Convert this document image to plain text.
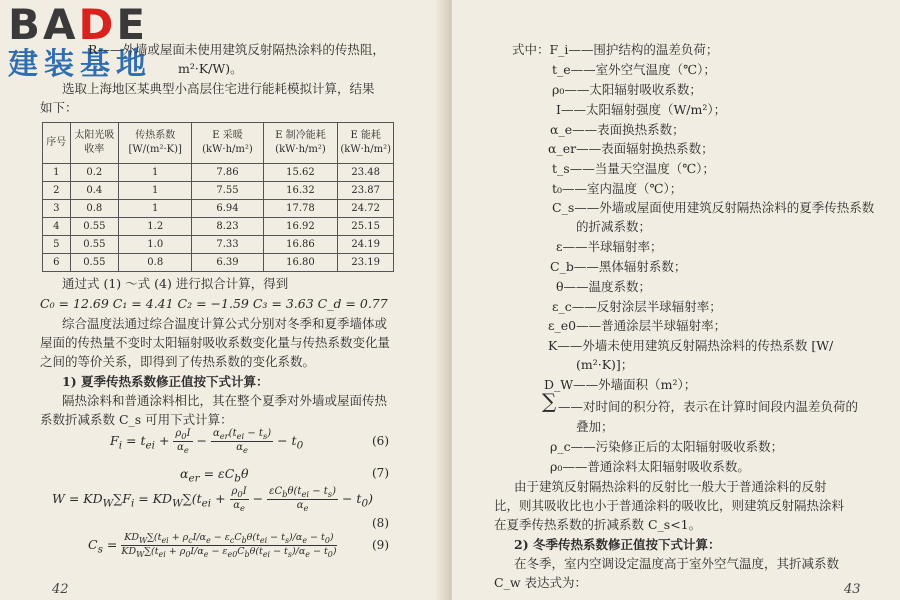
BADE
建装基地
R——外墙或屋面未使用建筑反射隔热涂料的传热阻，
m²·K/W)。
选取上海地区某典型小高层住宅进行能耗模拟计算，结果
如下：
序号	太阳光吸收率	传热系数 [W/(m²·K)]	E 采暖 (kW·h/m²)	E 制冷能耗 (kW·h/m²)	E 能耗 (kW·h/m²)
1	0.2	1	7.86	15.62	23.48
2	0.4	1	7.55	16.32	23.87
3	0.8	1	6.94	17.78	24.72
4	0.55	1.2	8.23	16.92	25.15
5	0.55	1.0	7.33	16.86	24.19
6	0.55	0.8	6.39	16.80	23.19
通过式 (1) ～式 (4) 进行拟合计算，得到
C₀ = 12.69 C₁ = 4.41 C₂ = −1.59 C₃ = 3.63 C_d = 0.77
综合温度法通过综合温度计算公式分别对冬季和夏季墙体或
屋面的传热量不变时太阳辐射吸收系数变化量与传热系数变化量
之间的等价关系，即得到了传热系数的变化系数。
1) 夏季传热系数修正值按下式计算：
隔热涂料和普通涂料相比，其在整个夏季对外墙或屋面传热
系数折减系数 C_s 可用下式计算：
$F_i = t_{ei} + \frac{\rho_0I}{\alpha_e} - \frac{\alpha_{er}(t_{ei} - t_s)}{\alpha_e} - t_0$	(6)
$\alpha_{er} = \varepsilon C_b\theta$	(7)
$W = KD_W\sum F_i = KD_W\sum(t_{ei} + \frac{\rho_0I}{\alpha_e} - \frac{\varepsilon C_b\theta(t_{ei} - t_s)}{\alpha_e} - t_0)$
(8)
$C_s = \frac{KD_W\sum(t_{ei} + \rho_cI/\alpha_e - \varepsilon_cC_b\theta(t_{ei} - t_s)/\alpha_e - t_0)}{KD_W\sum(t_{ei} + \rho_0I/\alpha_e - \varepsilon_{e0}C_b\theta(t_{ei} - t_s)/\alpha_e - t_0)}$	(9)
42
式中：F_i——围护结构的温差负荷；
t_e——室外空气温度（℃）；
ρ₀——太阳辐射吸收系数；
I——太阳辐射强度（W/m²）；
α_e——表面换热系数；
α_er——表面辐射换热系数；
t_s——当量天空温度（℃）；
t₀——室内温度（℃）；
C_s——外墙或屋面使用建筑反射隔热涂料的夏季传热系数
的折减系数；
ε——半球辐射率；
C_b——黑体辐射系数；
θ——温度系数；
ε_c——反射涂层半球辐射率；
ε_e0——普通涂层半球辐射率；
K——外墙未使用建筑反射隔热涂料的传热系数 [W/
(m²·K)]；
D_W——外墙面积（m²）；
∑ ——对时间的积分符，表示在计算时间段内温差负荷的
叠加；
ρ_c——污染修正后的太阳辐射吸收系数；
ρ₀——普通涂料太阳辐射吸收系数。
由于建筑反射隔热涂料的反射比一般大于普通涂料的反射
比，则其吸收比也小于普通涂料的吸收比，则建筑反射隔热涂料
在夏季传热系数的折减系数 C_s<1。
2) 冬季传热系数修正值按下式计算：
在冬季，室内空调设定温度高于室外空气温度，其折减系数
C_w 表达式为：	43
